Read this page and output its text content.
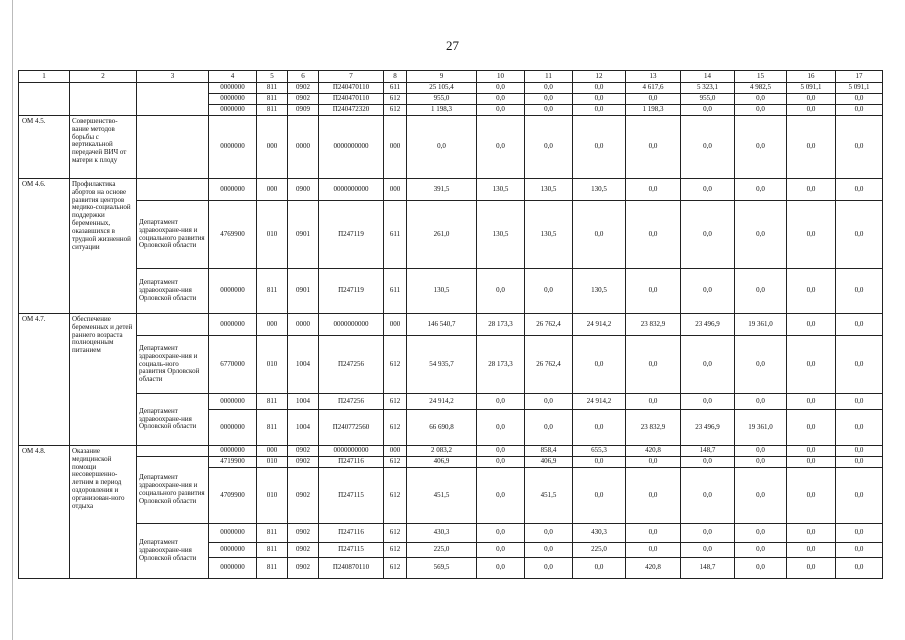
27
1	2	3	4	5	6	7	8	9	10	11	12	13	14	15	16	17
			0000000	811	0902	П240470110	611	25 105,4	0,0	0,0	0,0	4 617,6	5 323,1	4 982,5	5 091,1	5 091,1
			0000000	811	0902	П240470110	612	955,0	0,0	0,0	0,0	0,0	955,0	0,0	0,0	0,0
			0000000	811	0909	П240472320	612	1 198,3	0,0	0,0	0,0	1 198,3	0,0	0,0	0,0	0,0
ОМ 4.5.	Совершенство-вание методов борьбы с вертикальной передачей ВИЧ от матери к плоду		0000000	000	0000	0000000000	000	0,0	0,0	0,0	0,0	0,0	0,0	0,0	0,0	0,0
ОМ 4.6.	Профилактика абортов на основе развития центров медико-социальной поддержки беременных, оказавшихся в трудной жизненной ситуации		0000000	000	0900	0000000000	000	391,5	130,5	130,5	130,5	0,0	0,0	0,0	0,0	0,0
		Департамент здравоохране-ния и социального развития Орловской области	4769900	010	0901	П247119	611	261,0	130,5	130,5	0,0	0,0	0,0	0,0	0,0	0,0
		Департамент здравоохране-ния Орловской области	0000000	811	0901	П247119	611	130,5	0,0	0,0	130,5	0,0	0,0	0,0	0,0	0,0
ОМ 4.7.	Обеспечение беременных и детей раннего возраста полноценным питанием		0000000	000	0000	0000000000	000	146 540,7	28 173,3	26 762,4	24 914,2	23 832,9	23 496,9	19 361,0	0,0	0,0
		Департамент здравоохране-ния и социаль-ного развития Орловской области	6770000	010	1004	П247256	612	54 935,7	28 173,3	26 762,4	0,0	0,0	0,0	0,0	0,0	0,0
		Департамент здравоохране-ния Орловской области	0000000	811	1004	П247256	612	24 914,2	0,0	0,0	24 914,2	0,0	0,0	0,0	0,0	0,0
			0000000	811	1004	П240772560	612	66 690,8	0,0	0,0	0,0	23 832,9	23 496,9	19 361,0	0,0	0,0
ОМ 4.8.	Оказание медицинской помощи несовершенно-летним в период оздоровления и организован-ного отдыха		0000000	000	0902	0000000000	000	2 083,2	0,0	858,4	655,3	420,8	148,7	0,0	0,0	0,0
		Департамент здравоохране-ния и социального развития Орловской области	4719900	010	0902	П247116	612	406,9	0,0	406,9	0,0	0,0	0,0	0,0	0,0	0,0
			4709900	010	0902	П247115	612	451,5	0,0	451,5	0,0	0,0	0,0	0,0	0,0	0,0
		Департамент здравоохране-ния Орловской области	0000000	811	0902	П247116	612	430,3	0,0	0,0	430,3	0,0	0,0	0,0	0,0	0,0
			0000000	811	0902	П247115	612	225,0	0,0	0,0	225,0	0,0	0,0	0,0	0,0	0,0
			0000000	811	0902	П240870110	612	569,5	0,0	0,0	0,0	420,8	148,7	0,0	0,0	0,0
